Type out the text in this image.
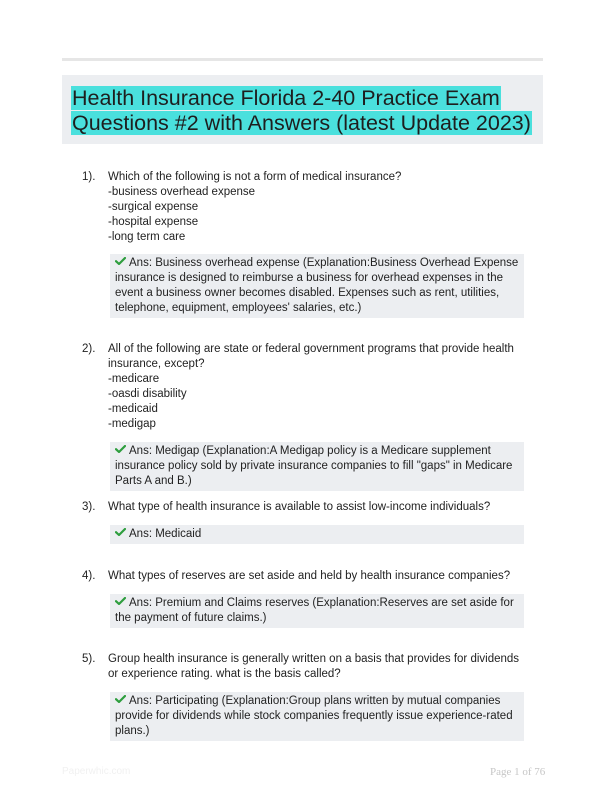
Health Insurance Florida 2-40 Practice Exam Questions #2 with Answers (latest Update 2023)
1). Which of the following is not a form of medical insurance?
-business overhead expense
-surgical expense
-hospital expense
-long term care
Ans: Business overhead expense (Explanation:Business Overhead Expense insurance is designed to reimburse a business for overhead expenses in the event a business owner becomes disabled. Expenses such as rent, utilities, telephone, equipment, employees' salaries, etc.)
2). All of the following are state or federal government programs that provide health insurance, except?
-medicare
-oasdi disability
-medicaid
-medigap
Ans: Medigap (Explanation:A Medigap policy is a Medicare supplement insurance policy sold by private insurance companies to fill "gaps" in Medicare Parts A and B.)
3). What type of health insurance is available to assist low-income individuals?
Ans: Medicaid
4). What types of reserves are set aside and held by health insurance companies?
Ans: Premium and Claims reserves (Explanation:Reserves are set aside for the payment of future claims.)
5). Group health insurance is generally written on a basis that provides for dividends or experience rating. what is the basis called?
Ans: Participating (Explanation:Group plans written by mutual companies provide for dividends while stock companies frequently issue experience-rated plans.)
Paperwhic.com	Page 1 of 76
